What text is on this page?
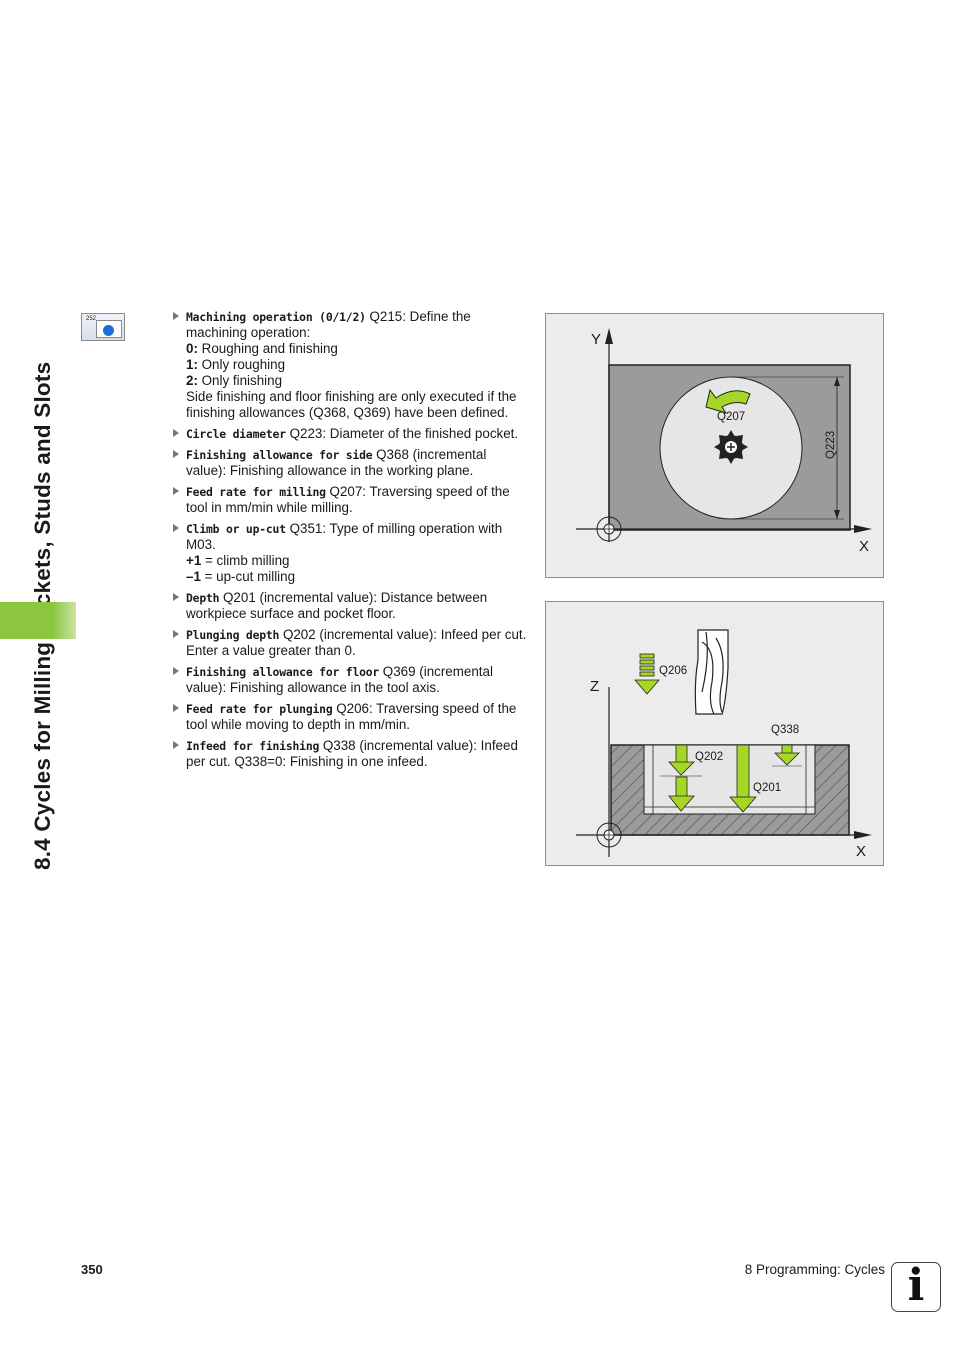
252	Machining operation (0/1/2) Q215: Define the machining operation:
0: Roughing and finishing
1: Only roughing
2: Only finishing
Side finishing and floor finishing are only executed if the finishing allowances (Q368, Q369) have been defined.
Circle diameter Q223: Diameter of the finished pocket.
Finishing allowance for side Q368 (incremental value): Finishing allowance in the working plane.
Feed rate for milling Q207: Traversing speed of the tool in mm/min while milling.
Climb or up-cut Q351: Type of milling operation with M03.
+1 = climb milling
–1 = up-cut milling
Depth Q201 (incremental value): Distance between workpiece surface and pocket floor.
Plunging depth Q202 (incremental value): Infeed per cut. Enter a value greater than 0.
Finishing allowance for floor Q369 (incremental value): Finishing allowance in the tool axis.
Feed rate for plunging Q206: Traversing speed of the tool while moving to depth in mm/min.
Infeed for finishing Q338 (incremental value): Infeed per cut. Q338=0: Finishing in one infeed.
Y
X
Q207
Q223
Z
X
Q206
Q338
Q202
Q201
350	8 Programming: Cycles i
